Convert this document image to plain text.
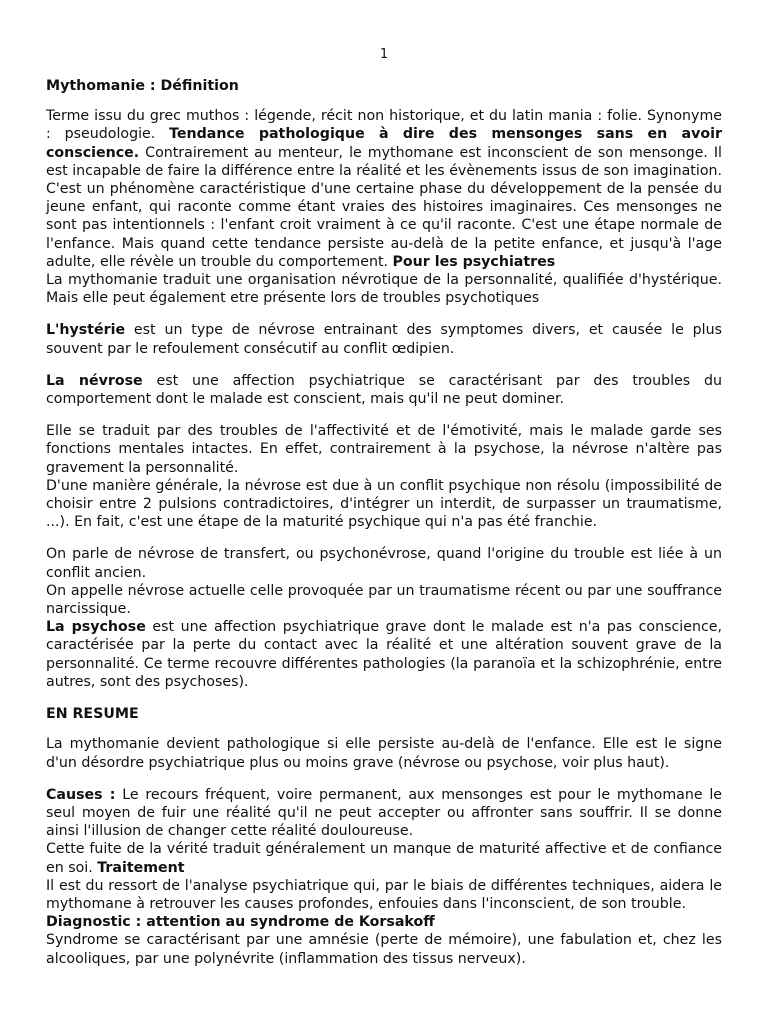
1

Mythomanie : Définition

Terme issu du grec muthos : légende, récit non historique, et du latin mania : folie. Synonyme : pseudologie. Tendance pathologique à dire des mensonges sans en avoir conscience. Contrairement au menteur, le mythomane est inconscient de son mensonge. Il est incapable de faire la différence entre la réalité et les évènements issus de son imagination. C'est un phénomène caractéristique d'une certaine phase du développement de la pensée du jeune enfant, qui raconte comme étant vraies des histoires imaginaires. Ces mensonges ne sont pas intentionnels : l'enfant croit vraiment à ce qu'il raconte. C'est une étape normale de l'enfance. Mais quand cette tendance persiste au-delà de la petite enfance, et jusqu'à l'age adulte, elle révèle un trouble du comportement. Pour les psychiatres
La mythomanie traduit une organisation névrotique de la personnalité, qualifiée d'hystérique. Mais elle peut également etre présente lors de troubles psychotiques

L'hystérie est un type de névrose entrainant des symptomes divers, et causée le plus souvent par le refoulement consécutif au conflit œdipien.

La névrose est une affection psychiatrique se caractérisant par des troubles du comportement dont le malade est conscient, mais qu'il ne peut dominer.

Elle se traduit par des troubles de l'affectivité et de l'émotivité, mais le malade garde ses fonctions mentales intactes. En effet, contrairement à la psychose, la névrose n'altère pas gravement la personnalité.
D'une manière générale, la névrose est due à un conflit psychique non résolu (impossibilité de choisir entre 2 pulsions contradictoires, d'intégrer un interdit, de surpasser un traumatisme, ...). En fait, c'est une étape de la maturité psychique qui n'a pas été franchie.

On parle de névrose de transfert, ou psychonévrose, quand l'origine du trouble est liée à un conflit ancien.
On appelle névrose actuelle celle provoquée par un traumatisme récent ou par une souffrance narcissique.
La psychose est une affection psychiatrique grave dont le malade est n'a pas conscience, caractérisée par la perte du contact avec la réalité et une altération souvent grave de la personnalité. Ce terme recouvre différentes pathologies (la paranoïa et la schizophrénie, entre autres, sont des psychoses).

EN RESUME

La mythomanie devient pathologique si elle persiste au-delà de l'enfance. Elle est le signe d'un désordre psychiatrique plus ou moins grave (névrose ou psychose, voir plus haut).

Causes : Le recours fréquent, voire permanent, aux mensonges est pour le mythomane le seul moyen de fuir une réalité qu'il ne peut accepter ou affronter sans souffrir. Il se donne ainsi l'illusion de changer cette réalité douloureuse.
Cette fuite de la vérité traduit généralement un manque de maturité affective et de confiance en soi. Traitement
Il est du ressort de l'analyse psychiatrique qui, par le biais de différentes techniques, aidera le mythomane à retrouver les causes profondes, enfouies dans l'inconscient, de son trouble.
Diagnostic : attention au syndrome de Korsakoff
Syndrome se caractérisant par une amnésie (perte de mémoire), une fabulation et, chez les alcooliques, par une polynévrite (inflammation des tissus nerveux).
